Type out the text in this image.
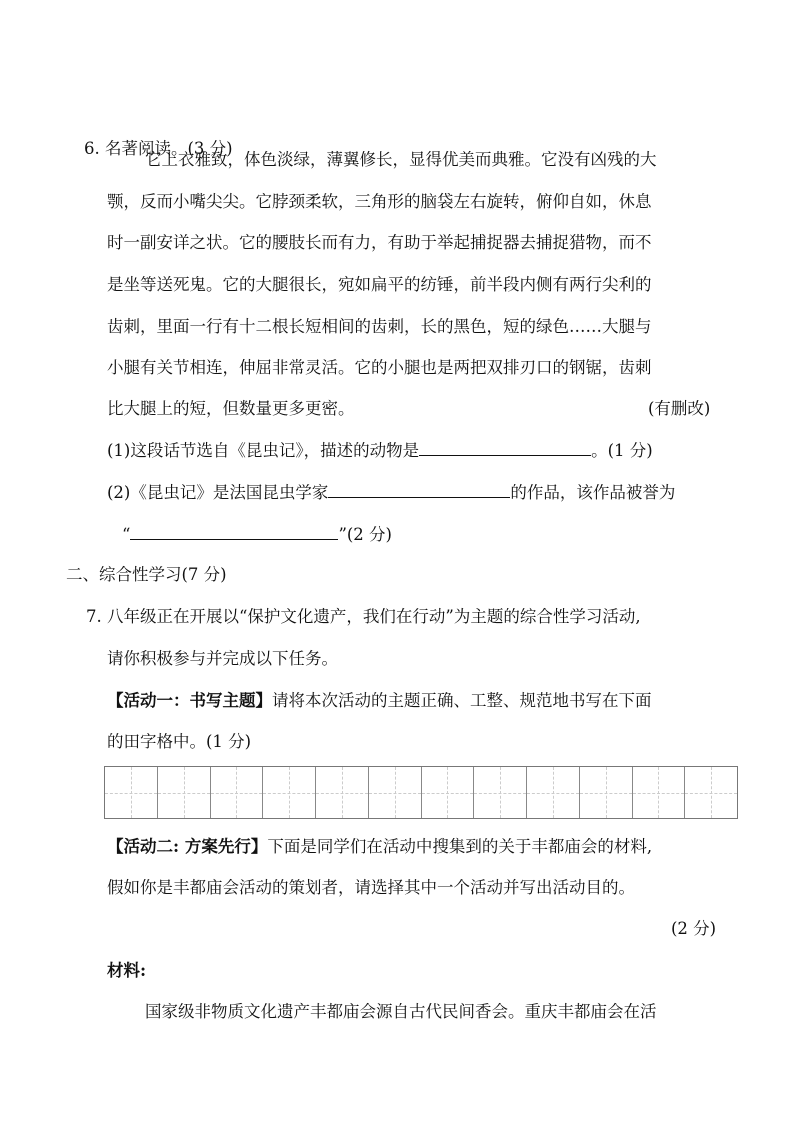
6. 名著阅读。(3 分)
它上衣雅致，体色淡绿，薄翼修长，显得优美而典雅。它没有凶残的大
颚，反而小嘴尖尖。它脖颈柔软，三角形的脑袋左右旋转，俯仰自如，休息
时一副安详之状。它的腰肢长而有力，有助于举起捕捉器去捕捉猎物，而不
是坐等送死鬼。它的大腿很长，宛如扁平的纺锤，前半段内侧有两行尖利的
齿刺，里面一行有十二根长短相间的齿刺，长的黑色，短的绿色……大腿与
小腿有关节相连，伸屈非常灵活。它的小腿也是两把双排刃口的钢锯，齿刺
比大腿上的短，但数量更多更密。	(有删改)
(1)这段话节选自《昆虫记》，描述的动物是	。(1 分)
(2)《昆虫记》是法国昆虫学家	的作品，该作品被誉为
“	”(2 分)
二、综合性学习(7 分)
7. 八年级正在开展以“保护文化遗产，我们在行动”为主题的综合性学习活动,
请你积极参与并完成以下任务。
【活动一：书写主题】请将本次活动的主题正确、工整、规范地书写在下面
的田字格中。(1 分)
【活动二: 方案先行】下面是同学们在活动中搜集到的关于丰都庙会的材料,
假如你是丰都庙会活动的策划者，请选择其中一个活动并写出活动目的。
(2 分)
材料:
国家级非物质文化遗产丰都庙会源自古代民间香会。重庆丰都庙会在活
